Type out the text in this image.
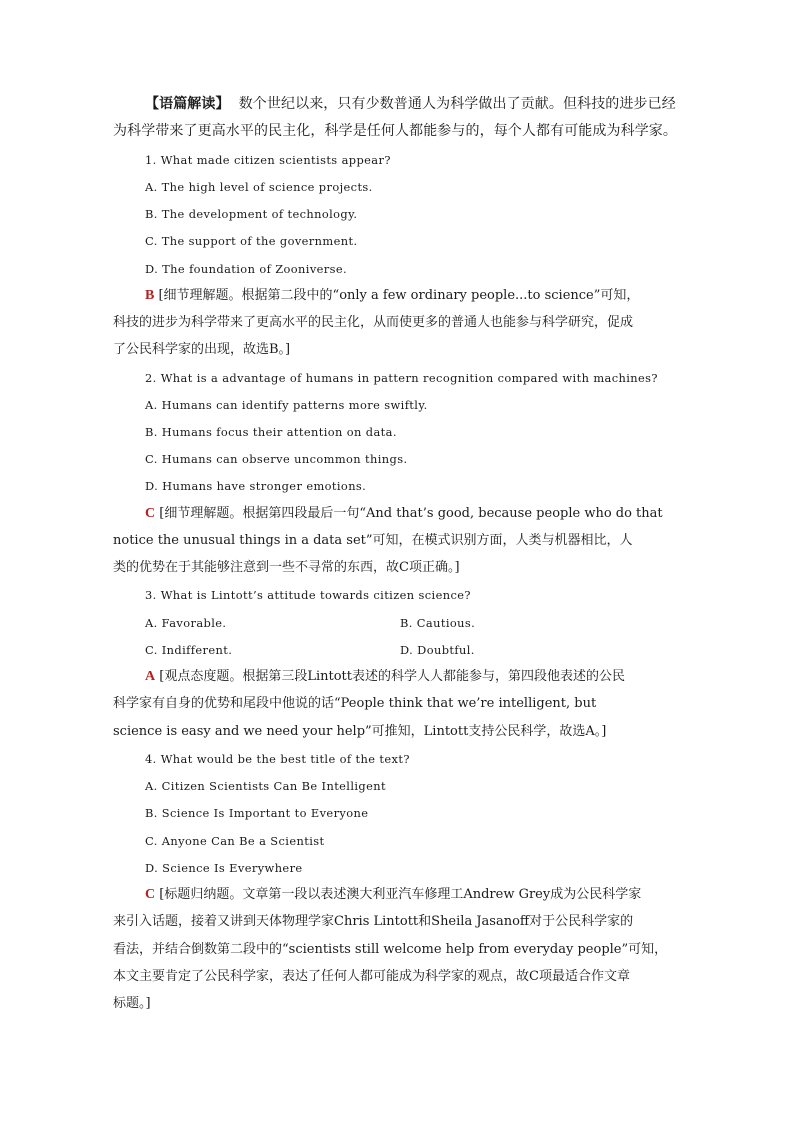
【语篇解读】  数个世纪以来，只有少数普通人为科学做出了贡献。但科技的进步已经
为科学带来了更高水平的民主化，科学是任何人都能参与的，每个人都有可能成为科学家。
1. What made citizen scientists appear?
A. The high level of science projects.
B. The development of technology.
C. The support of the government.
D. The foundation of Zooniverse.
B [细节理解题。根据第二段中的“only a few ordinary people...to science”可知，
科技的进步为科学带来了更高水平的民主化，从而使更多的普通人也能参与科学研究，促成
了公民科学家的出现，故选B。]
2. What is a advantage of humans in pattern recognition compared with machines?
A. Humans can identify patterns more swiftly.
B. Humans focus their attention on data.
C. Humans can observe uncommon things.
D. Humans have stronger emotions.
C [细节理解题。根据第四段最后一句“And that’s good, because people who do that
notice the unusual things in a data set”可知，在模式识别方面，人类与机器相比，人
类的优势在于其能够注意到一些不寻常的东西，故C项正确。]
3. What is Lintott’s attitude towards citizen science?
A. Favorable.	B. Cautious.
C. Indifferent.	D. Doubtful.
A [观点态度题。根据第三段Lintott表述的科学人人都能参与，第四段他表述的公民
科学家有自身的优势和尾段中他说的话“People think that we’re intelligent, but
science is easy and we need your help”可推知，Lintott支持公民科学，故选A。]
4. What would be the best title of the text?
A. Citizen Scientists Can Be Intelligent
B. Science Is Important to Everyone
C. Anyone Can Be a Scientist
D. Science Is Everywhere
C [标题归纳题。文章第一段以表述澳大利亚汽车修理工Andrew Grey成为公民科学家
来引入话题，接着又讲到天体物理学家Chris Lintott和Sheila Jasanoff对于公民科学家的
看法，并结合倒数第二段中的“scientists still welcome help from everyday people”可知，
本文主要肯定了公民科学家，表达了任何人都可能成为科学家的观点，故C项最适合作文章
标题。]
